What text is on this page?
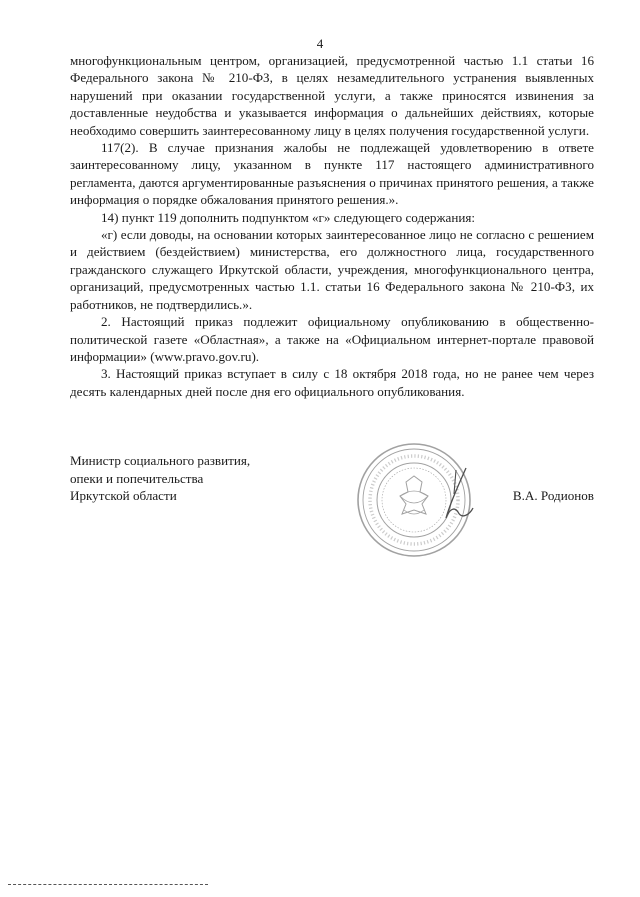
4

многофункциональным центром, организацией, предусмотренной частью 1.1 статьи 16 Федерального закона № 210-ФЗ, в целях незамедлительного устранения выявленных нарушений при оказании государственной услуги, а также приносятся извинения за доставленные неудобства и указывается информация о дальнейших действиях, которые необходимо совершить заинтересованному лицу в целях получения государственной услуги.

117(2). В случае признания жалобы не подлежащей удовлетворению в ответе заинтересованному лицу, указанном в пункте 117 настоящего административного регламента, даются аргументированные разъяснения о причинах принятого решения, а также информация о порядке обжалования принятого решения.».

14) пункт 119 дополнить подпунктом «г» следующего содержания:

«г) если доводы, на основании которых заинтересованное лицо не согласно с решением и действием (бездействием) министерства, его должностного лица, государственного гражданского служащего Иркутской области, учреждения, многофункционального центра, организаций, предусмотренных частью 1.1. статьи 16 Федерального закона № 210-ФЗ, их работников, не подтвердились.».

2. Настоящий приказ подлежит официальному опубликованию в общественно-политической газете «Областная», а также на «Официальном интернет-портале правовой информации» (www.pravo.gov.ru).

3. Настоящий приказ вступает в силу с 18 октября 2018 года, но не ранее чем через десять календарных дней после дня его официального опубликования.

Министр социального развития,

опеки и попечительства

Иркутской области	В.А. Родионов
